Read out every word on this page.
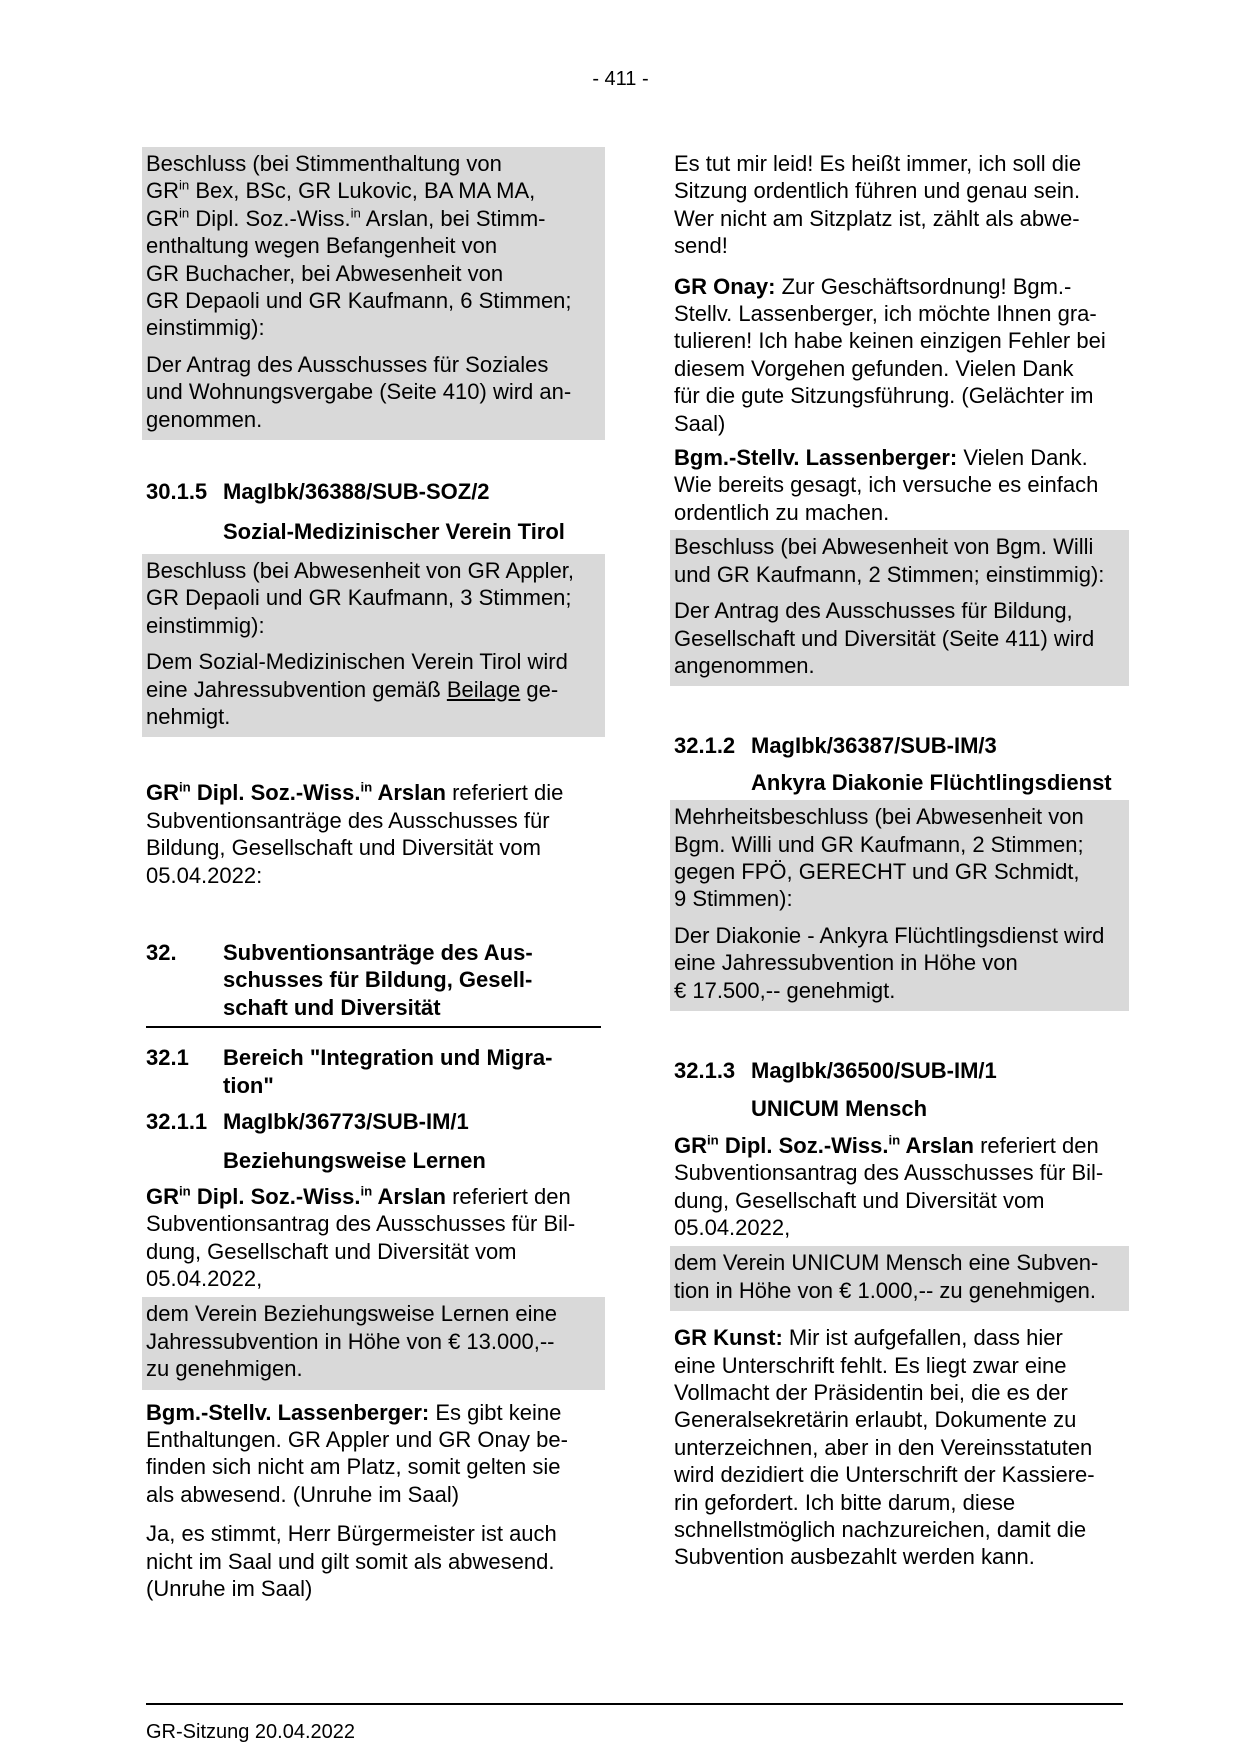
- 411 -

Beschluss (bei Stimmenthaltung von
$GR^{in}$ Bex, BSc, GR Lukovic, BA MA MA,
$GR^{in}$ Dipl. Soz.-Wiss.$^{in}$ Arslan, bei Stimm-
enthaltung wegen Befangenheit von
GR Buchacher, bei Abwesenheit von
GR Depaoli und GR Kaufmann, 6 Stimmen;
einstimmig):

Der Antrag des Ausschusses für Soziales
und Wohnungsvergabe (Seite 410) wird an-
genommen.

30.1.5 MagIbk/36388/SUB-SOZ/2
Sozial-Medizinischer Verein Tirol

Beschluss (bei Abwesenheit von GR Appler,
GR Depaoli und GR Kaufmann, 3 Stimmen;
einstimmig):

Dem Sozial-Medizinischen Verein Tirol wird
eine Jahressubvention gemäß Beilage ge-
nehmigt.

$GR^{in}$ Dipl. Soz.-Wiss.$^{in}$ Arslan referiert die
Subventionsanträge des Ausschusses für
Bildung, Gesellschaft und Diversität vom
05.04.2022:

32.	Subventionsanträge des Aus-
schusses für Bildung, Gesell-
schaft und Diversität
32.1	Bereich "Integration und Migra-
tion"
32.1.1 MagIbk/36773/SUB-IM/1
Beziehungsweise Lernen

$GR^{in}$ Dipl. Soz.-Wiss.$^{in}$ Arslan referiert den
Subventionsantrag des Ausschusses für Bil-
dung, Gesellschaft und Diversität vom
05.04.2022,

dem Verein Beziehungsweise Lernen eine
Jahressubvention in Höhe von € 13.000,--
zu genehmigen.

Bgm.-Stellv. Lassenberger: Es gibt keine
Enthaltungen. GR Appler und GR Onay be-
finden sich nicht am Platz, somit gelten sie
als abwesend. (Unruhe im Saal)

Ja, es stimmt, Herr Bürgermeister ist auch
nicht im Saal und gilt somit als abwesend.
(Unruhe im Saal)

Es tut mir leid! Es heißt immer, ich soll die
Sitzung ordentlich führen und genau sein.
Wer nicht am Sitzplatz ist, zählt als abwe-
send!

GR Onay: Zur Geschäftsordnung! Bgm.-
Stellv. Lassenberger, ich möchte Ihnen gra-
tulieren! Ich habe keinen einzigen Fehler bei
diesem Vorgehen gefunden. Vielen Dank
für die gute Sitzungsführung. (Gelächter im
Saal)

Bgm.-Stellv. Lassenberger: Vielen Dank.
Wie bereits gesagt, ich versuche es einfach
ordentlich zu machen.

Beschluss (bei Abwesenheit von Bgm. Willi
und GR Kaufmann, 2 Stimmen; einstimmig):

Der Antrag des Ausschusses für Bildung,
Gesellschaft und Diversität (Seite 411) wird
angenommen.

32.1.2 MagIbk/36387/SUB-IM/3
Ankyra Diakonie Flüchtlingsdienst

Mehrheitsbeschluss (bei Abwesenheit von
Bgm. Willi und GR Kaufmann, 2 Stimmen;
gegen FPÖ, GERECHT und GR Schmidt,
9 Stimmen):

Der Diakonie - Ankyra Flüchtlingsdienst wird
eine Jahressubvention in Höhe von
€ 17.500,-- genehmigt.

32.1.3 MagIbk/36500/SUB-IM/1
UNICUM Mensch

$GR^{in}$ Dipl. Soz.-Wiss.$^{in}$ Arslan referiert den
Subventionsantrag des Ausschusses für Bil-
dung, Gesellschaft und Diversität vom
05.04.2022,

dem Verein UNICUM Mensch eine Subven-
tion in Höhe von € 1.000,-- zu genehmigen.

GR Kunst: Mir ist aufgefallen, dass hier
eine Unterschrift fehlt. Es liegt zwar eine
Vollmacht der Präsidentin bei, die es der
Generalsekretärin erlaubt, Dokumente zu
unterzeichnen, aber in den Vereinsstatuten
wird dezidiert die Unterschrift der Kassiere-
rin gefordert. Ich bitte darum, diese
schnellstmöglich nachzureichen, damit die
Subvention ausbezahlt werden kann.

GR-Sitzung 20.04.2022
